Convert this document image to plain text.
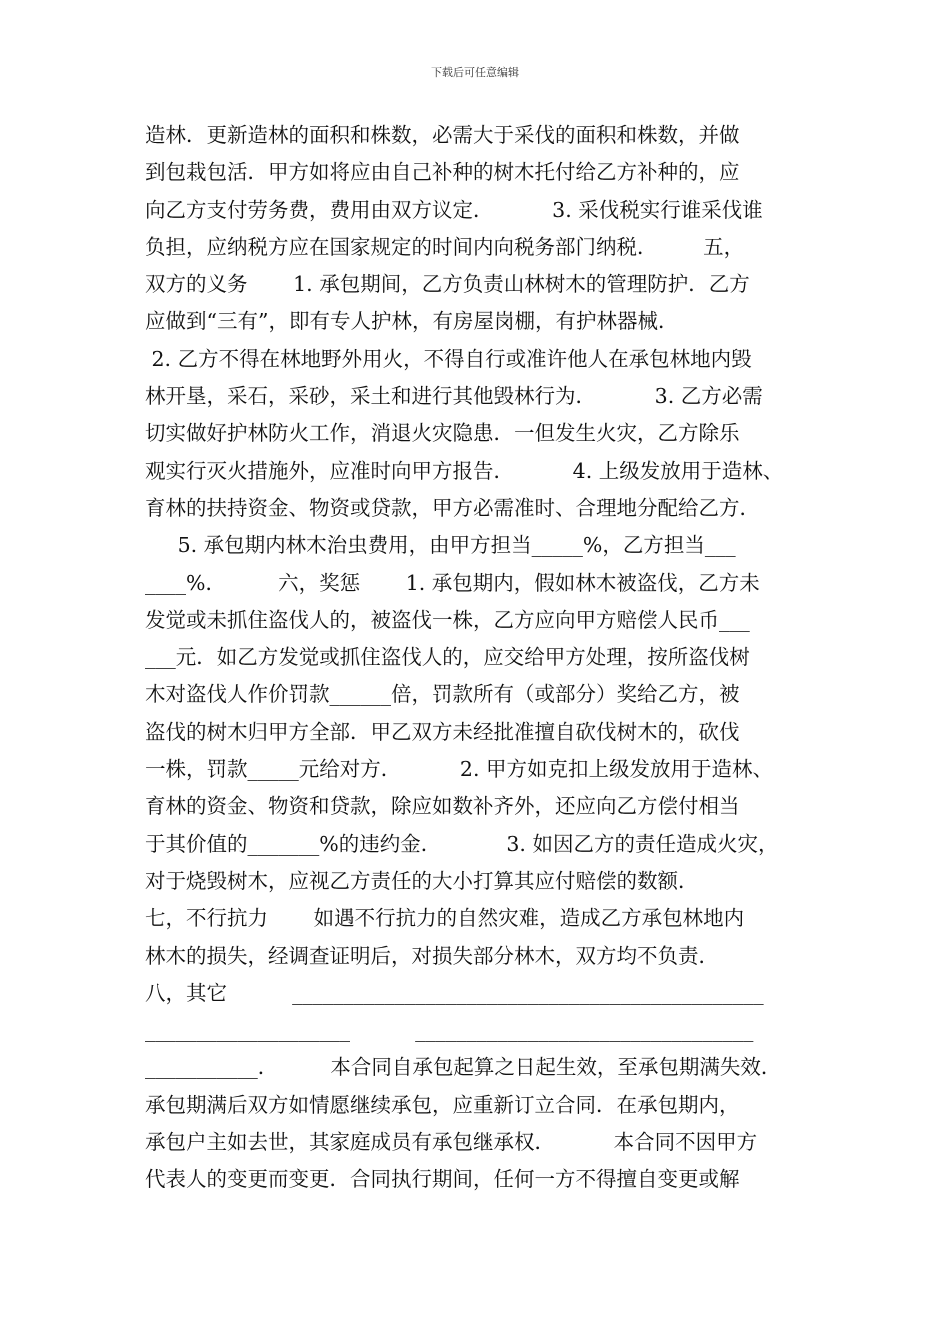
下载后可任意编辑
造林．更新造林的面积和株数，必需大于采伐的面积和株数，并做
到包栽包活．甲方如将应由自己补种的树木托付给乙方补种的，应
向乙方支付劳务费，费用由双方议定．         3. 采伐税实行谁采伐谁
负担，应纳税方应在国家规定的时间内向税务部门纳税．       五，
双方的义务       1. 承包期间，乙方负责山林树木的管理防护．乙方
应做到“三有”，即有专人护林，有房屋岗棚，有护林器械．
2. 乙方不得在林地野外用火，不得自行或准许他人在承包林地内毁
林开垦，采石，采砂，采土和进行其他毁林行为．         3. 乙方必需
切实做好护林防火工作，消退火灾隐患．一但发生火灾，乙方除乐
观实行灭火措施外，应准时向甲方报告．         4. 上级发放用于造林、
育林的扶持资金、物资或贷款，甲方必需准时、合理地分配给乙方．
5. 承包期内林木治虫费用，由甲方担当_____%，乙方担当___
____%．        六，奖惩       1. 承包期内，假如林木被盗伐，乙方未
发觉或未抓住盗伐人的，被盗伐一株，乙方应向甲方赔偿人民币___
___元．如乙方发觉或抓住盗伐人的，应交给甲方处理，按所盗伐树
木对盗伐人作价罚款______倍，罚款所有（或部分）奖给乙方，被
盗伐的树木归甲方全部．甲乙双方未经批准擅自砍伐树木的，砍伐
一株，罚款_____元给对方．         2. 甲方如克扣上级发放用于造林、
育林的资金、物资和贷款，除应如数补齐外，还应向乙方偿付相当
于其价值的_______%的违约金．          3. 如因乙方的责任造成火灾，
对于烧毁树木，应视乙方责任的大小打算其应付赔偿的数额．
七，不行抗力       如遇不行抗力的自然灾难，造成乙方承包林地内
林木的损失，经调查证明后，对损失部分林木，双方均不负责．
八，其它          ______________________________________________
____________________          _________________________________
___________．        本合同自承包起算之日起生效，至承包期满失效．
承包期满后双方如情愿继续承包，应重新订立合同．在承包期内，
承包户主如去世，其家庭成员有承包继承权．         本合同不因甲方
代表人的变更而变更．合同执行期间，任何一方不得擅自变更或解
